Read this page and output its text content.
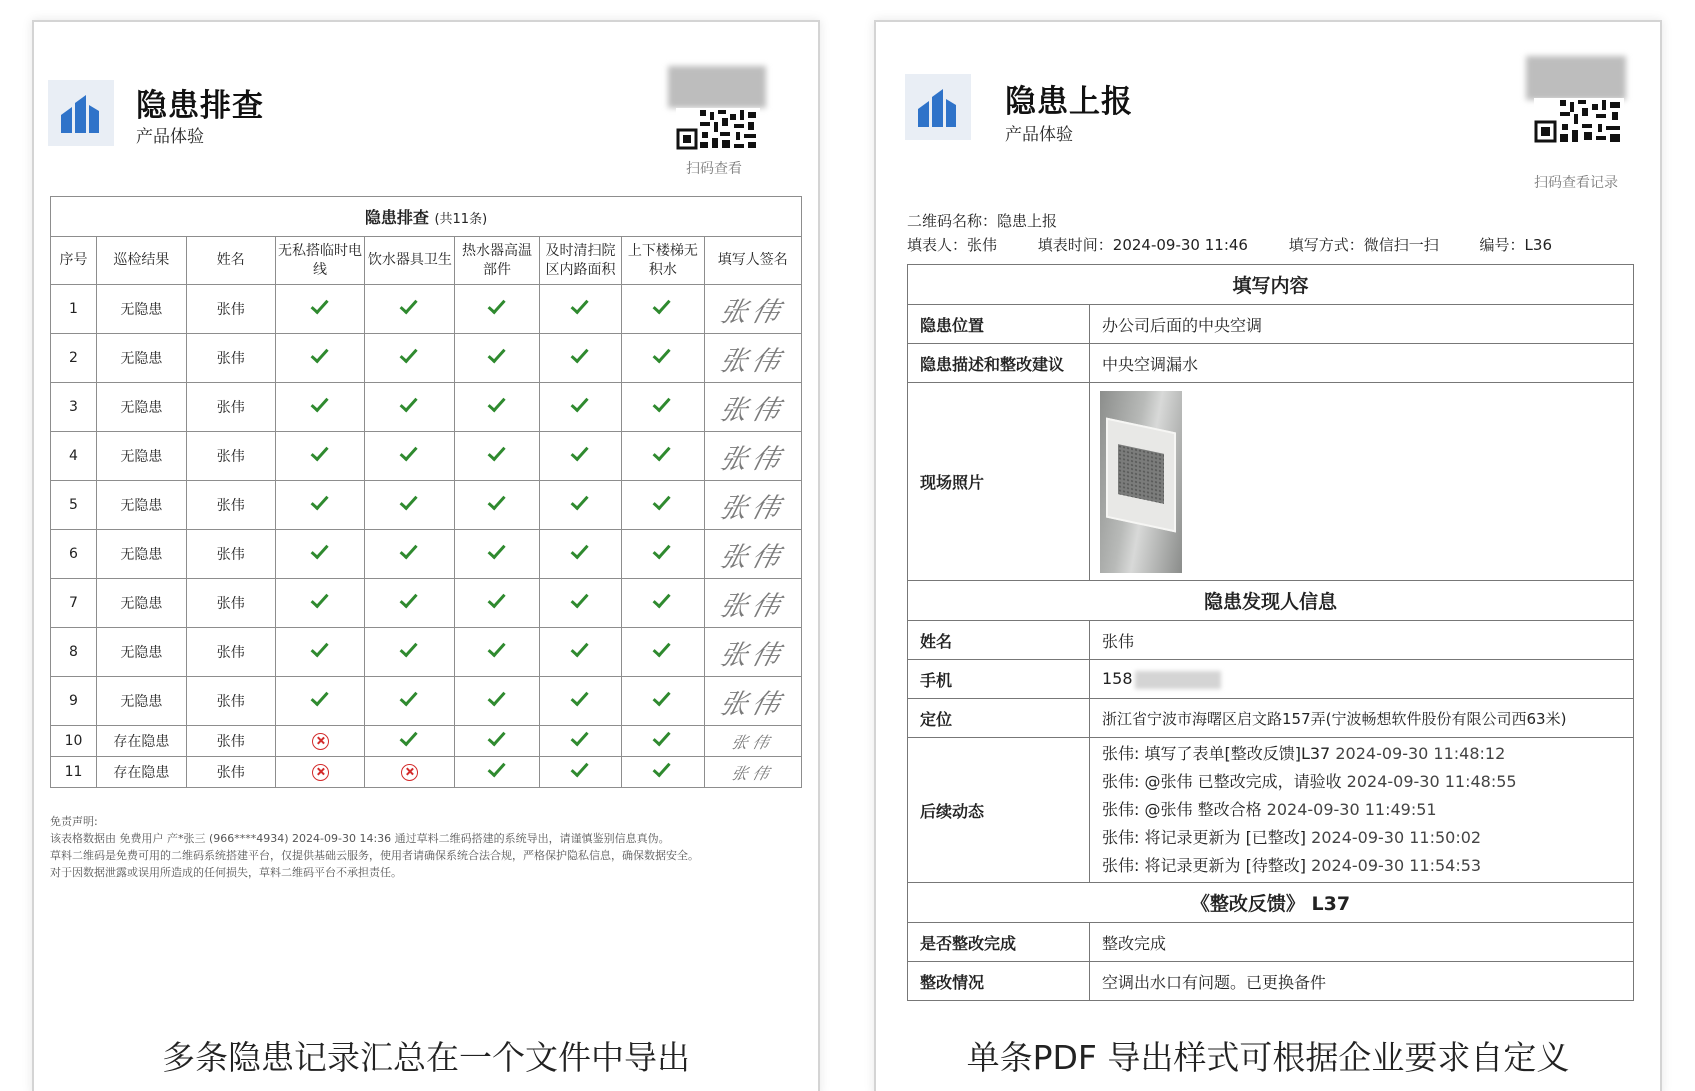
隐患排查
产品体验
扫码查看
隐患排查 (共11条)								
序号	巡检结果	姓名	无私搭临时电线	饮水器具卫生	热水器高温部件	及时清扫院区内路面积	上下楼梯无积水	填写人签名
1	无隐患	张伟						张伟
2	无隐患	张伟						张伟
3	无隐患	张伟						张伟
4	无隐患	张伟						张伟
5	无隐患	张伟						张伟
6	无隐患	张伟						张伟
7	无隐患	张伟						张伟
8	无隐患	张伟						张伟
9	无隐患	张伟						张伟
10	存在隐患	张伟						张伟
11	存在隐患	张伟						张伟
免责声明:
该表格数据由 免费用户 产*张三 (966****4934) 2024-09-30 14:36 通过草料二维码搭建的系统导出，请谨慎鉴别信息真伪。
草料二维码是免费可用的二维码系统搭建平台，仅提供基础云服务，使用者请确保系统合法合规，严格保护隐私信息，确保数据安全。
对于因数据泄露或误用所造成的任何损失，草料二维码平台不承担责任。
多条隐患记录汇总在一个文件中导出
隐患上报
产品体验
扫码查看记录
二维码名称：隐患上报
填表人：张伟	填表时间：2024-09-30 11:46	填写方式：微信扫一扫	编号：L36
填写内容	
隐患位置	办公司后面的中央空调
隐患描述和整改建议	中央空调漏水
现场照片	

隐患发现人信息	
姓名	张伟
手机	158
定位	浙江省宁波市海曙区启文路157弄(宁波畅想软件股份有限公司西63米)
后续动态	张伟: 填写了表单[整改反馈]L37 2024-09-30 11:48:12
张伟: @张伟 已整改完成，请验收 2024-09-30 11:48:55
张伟: @张伟 整改合格 2024-09-30 11:49:51
张伟: 将记录更新为 [已整改] 2024-09-30 11:50:02
张伟: 将记录更新为 [待整改] 2024-09-30 11:54:53

《整改反馈》 L37	
是否整改完成	整改完成
整改情况	空调出水口有问题。已更换备件
单条PDF 导出样式可根据企业要求自定义
